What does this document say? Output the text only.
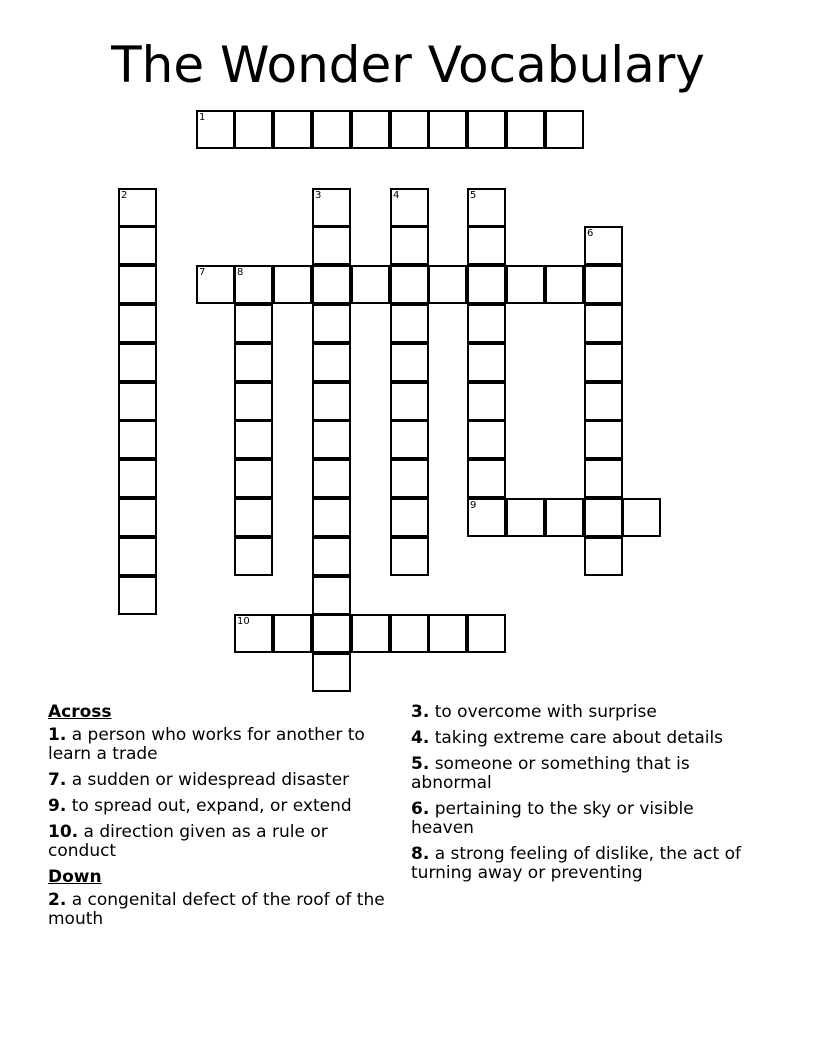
The Wonder Vocabulary
1
7	8
9
10
2	3	4	5
6
Across
1. a person who works for another to learn a trade
7. a sudden or widespread disaster
9. to spread out, expand, or extend
10. a direction given as a rule or conduct
Down
2. a congenital defect of the roof of the mouth
3. to overcome with surprise
4. taking extreme care about details
5. someone or something that is abnormal
6. pertaining to the sky or visible heaven
8. a strong feeling of dislike, the act of turning away or preventing
